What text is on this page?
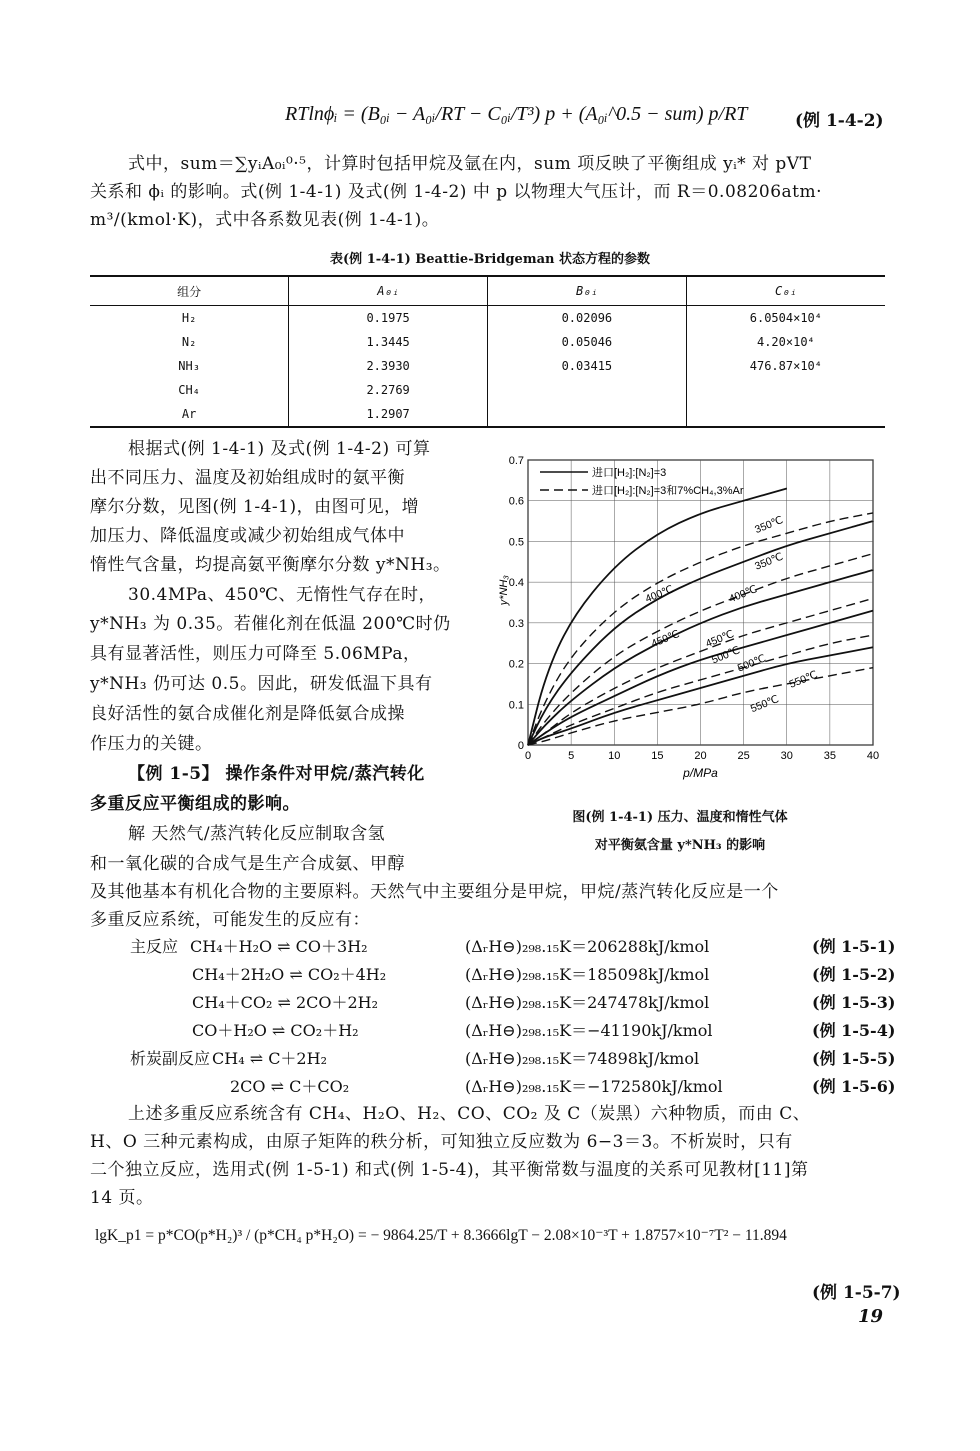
RTlnϕᵢ = (B₀ᵢ − A₀ᵢ/RT − C₀ᵢ/T³) p + (A₀ᵢ^0.5 − sum) p/RT	(例 1-4-2)
式中，sum＝∑yᵢA₀ᵢ⁰·⁵，计算时包括甲烷及氩在内，sum 项反映了平衡组成 yᵢ* 对 pVT
关系和 ϕᵢ 的影响。式(例 1-4-1) 及式(例 1-4-2) 中 p 以物理大气压计，而 R＝0.08206atm·
m³/(kmol·K)，式中各系数见表(例 1-4-1)。
表(例 1-4-1) Beattie-Bridgeman 状态方程的参数
组分	A₀ᵢ	B₀ᵢ	C₀ᵢ
H₂	0.1975	0.02096	6.0504×10⁴
N₂	1.3445	0.05046	4.20×10⁴
NH₃	2.3930	0.03415	476.87×10⁴
CH₄	2.2769		
Ar	1.2907		
根据式(例 1-4-1) 及式(例 1-4-2) 可算
出不同压力、温度及初始组成时的氨平衡
摩尔分数，见图(例 1-4-1)，由图可见，增
加压力、降低温度或减少初始组成气体中
惰性气含量，均提高氨平衡摩尔分数 y*NH₃。
30.4MPa、450℃、无惰性气存在时，
y*NH₃ 为 0.35。若催化剂在低温 200℃时仍
具有显著活性，则压力可降至 5.06MPa，
y*NH₃ 仍可达 0.5。因此，研发低温下具有
良好活性的氨合成催化剂是降低氨合成操
作压力的关键。
【例 1-5】 操作条件对甲烷/蒸汽转化
多重反应平衡组成的影响。
解 天然气/蒸汽转化反应制取含氢
和一氧化碳的合成气是生产合成氨、甲醇
350℃
350℃
400℃	400℃
450℃ 450℃
500℃
500℃
550℃
550℃
0	5	10	15	20	25	30	35	40
0
0.1
0.2
0.3
0.4
0.5
0.6
0.7
进口[H₂]:[N₂]=3
进口[H₂]:[N₂]=3和7%CH₄,3%Ar
p/MPa
y*NH₃
图(例 1-4-1) 压力、温度和惰性气体
对平衡氨含量 y*NH₃ 的影响
及其他基本有机化合物的主要原料。天然气中主要组分是甲烷，甲烷/蒸汽转化反应是一个
多重反应系统，可能发生的反应有：
主反应 CH₄＋H₂O ⇌ CO＋3H₂	(ΔᵣH⊖)₂₉₈.₁₅K＝206288kJ/kmol	(例 1-5-1)
CH₄＋2H₂O ⇌ CO₂＋4H₂	(ΔᵣH⊖)₂₉₈.₁₅K＝185098kJ/kmol	(例 1-5-2)
CH₄＋CO₂ ⇌ 2CO＋2H₂	(ΔᵣH⊖)₂₉₈.₁₅K＝247478kJ/kmol	(例 1-5-3)
CO＋H₂O ⇌ CO₂＋H₂	(ΔᵣH⊖)₂₉₈.₁₅K＝−41190kJ/kmol	(例 1-5-4)
析炭副反应 CH₄ ⇌ C＋2H₂	(ΔᵣH⊖)₂₉₈.₁₅K＝74898kJ/kmol	(例 1-5-5)
2CO ⇌ C＋CO₂	(ΔᵣH⊖)₂₉₈.₁₅K＝−172580kJ/kmol	(例 1-5-6)
上述多重反应系统含有 CH₄、H₂O、H₂、CO、CO₂ 及 C（炭黑）六种物质，而由 C、
H、O 三种元素构成，由原子矩阵的秩分析，可知独立反应数为 6−3＝3。不析炭时，只有
二个独立反应，选用式(例 1-5-1) 和式(例 1-5-4)，其平衡常数与温度的关系可见教材[11]第
14 页。
lgK_p1 = p*CO(p*H₂)³ / (p*CH₄ p*H₂O) = − 9864.25/T + 8.3666lgT − 2.08×10⁻³T + 1.8757×10⁻⁷T² − 11.894
(例 1-5-7)
19
